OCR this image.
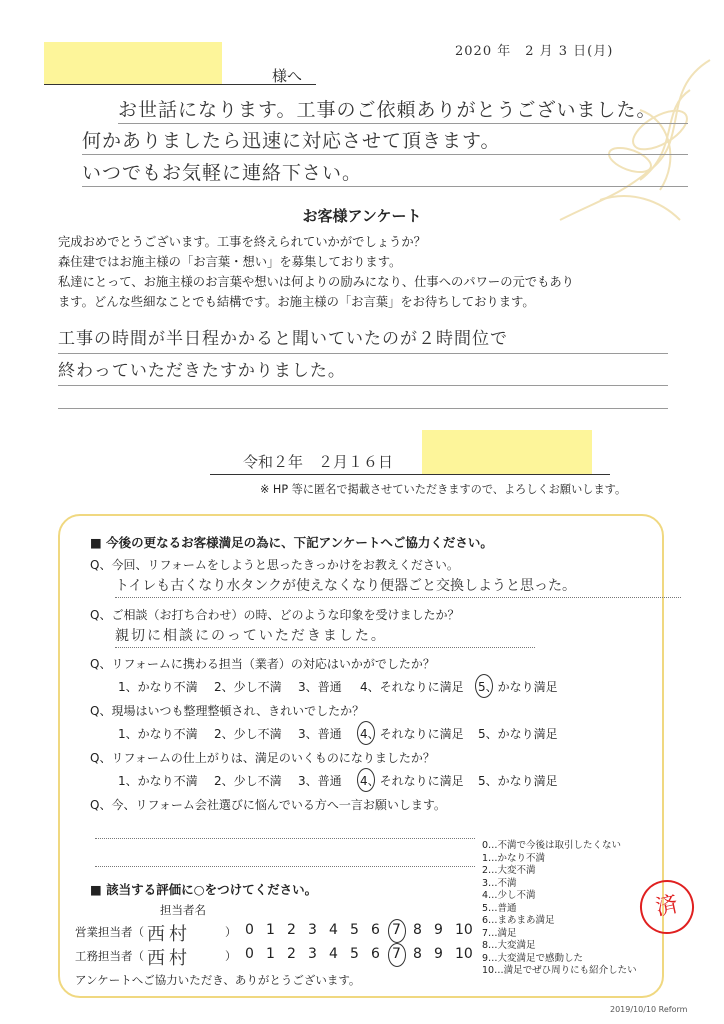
2020 年　2 月 3 日(月)
様へ
お世話になります。工事のご依頼ありがとうございました。
何かありましたら迅速に対応させて頂きます。
いつでもお気軽に連絡下さい。
お客様アンケート
完成おめでとうございます。工事を終えられていかがでしょうか？
森住建ではお施主様の「お言葉・想い」を募集しております。
私達にとって、お施主様のお言葉や想いは何よりの励みになり、仕事へのパワーの元でもあり
ます。どんな些細なことでも結構です。お施主様の「お言葉」をお待ちしております。
工事の時間が半日程かかると聞いていたのが２時間位で
終わっていただきたすかりました。
令和２年　２月１６日
※ HP 等に匿名で掲載させていただきますので、よろしくお願いします。
■ 今後の更なるお客様満足の為に、下記アンケートへご協力ください。
Q、今回、リフォームをしようと思ったきっかけをお教えください。
トイレも古くなり水タンクが使えなくなり便器ごと交換しようと思った。
Q、ご相談（お打ち合わせ）の時、どのような印象を受けましたか？
親切に相談にのっていただきました。
Q、リフォームに携わる担当（業者）の対応はいかがでしたか？
1、かなり不満 2、少し不満 3、普通 4、それなりに満足 5、かなり満足
Q、現場はいつも整理整頓され、きれいでしたか？
1、かなり不満 2、少し不満 3、普通 4、それなりに満足 5、かなり満足
Q、リフォームの仕上がりは、満足のいくものになりましたか？
1、かなり不満 2、少し不満 3、普通 4、それなりに満足 5、かなり満足
Q、今、リフォーム会社選びに悩んでいる方へ一言お願いします。
■ 該当する評価に○をつけてください。
担当者名
営業担当者（ 西村	） 0 1 2 3 4 5 6 7 8 9 10
工務担当者（ 西村	） 0 1 2 3 4 5 6 7 8 9 10
アンケートへご協力いただき、ありがとうございます。
0…不満で今後は取引したくない
1…かなり不満
2…大変不満
3…不満
4…少し不満
5…普通
6…まあまあ満足
7…満足
8…大変満足
9…大変満足で感動した
10…満足でぜひ周りにも紹介したい
済
2019/10/10 Reform
